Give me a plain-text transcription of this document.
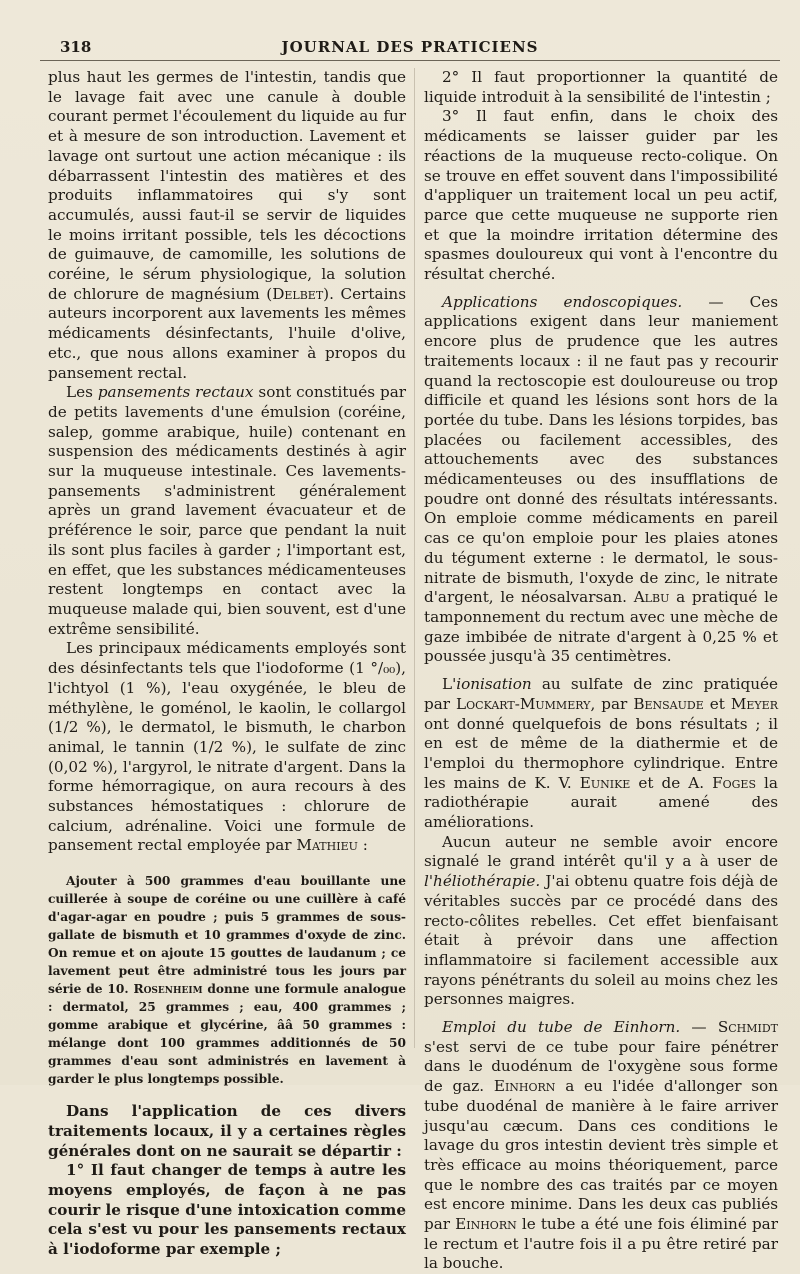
318	JOURNAL DES PRATICIENS

plus haut les germes de l'intestin, tandis que le lavage fait avec une canule à double courant permet l'écoulement du liquide au fur et à mesure de son introduction. Lavement et lavage ont surtout une action mécanique : ils débarrassent l'intestin des matières et des produits inflammatoires qui s'y sont accumulés, aussi faut-il se servir de liquides le moins irritant possible, tels les décoctions de guimauve, de camomille, les solutions de coréine, le sérum physiologique, la solution de chlorure de magnésium (Delbet). Certains auteurs incorporent aux lavements les mêmes médicaments désinfectants, l'huile d'olive, etc., que nous allons examiner à propos du pansement rectal.

Les pansements rectaux sont constitués par de petits lavements d'une émulsion (coréine, salep, gomme arabique, huile) contenant en suspension des médicaments destinés à agir sur la muqueuse intestinale. Ces lavements-pansements s'administrent généralement après un grand lavement évacuateur et de préférence le soir, parce que pendant la nuit ils sont plus faciles à garder ; l'important est, en effet, que les substances médicamenteuses restent longtemps en contact avec la muqueuse malade qui, bien souvent, est d'une extrême sensibilité.

Les principaux médicaments employés sont des désinfectants tels que l'iodoforme (1 °/₀₀), l'ichtyol (1 %), l'eau oxygénée, le bleu de méthylène, le goménol, le kaolin, le collargol (1/2 %), le dermatol, le bismuth, le charbon animal, le tannin (1/2 %), le sulfate de zinc (0,02 %), l'argyrol, le nitrate d'argent. Dans la forme hémorragique, on aura recours à des substances hémostatiques : chlorure de calcium, adrénaline. Voici une formule de pansement rectal employée par Mathieu :

Ajouter à 500 grammes d'eau bouillante une cuillerée à soupe de coréine ou une cuillère à café d'agar-agar en poudre ; puis 5 grammes de sous-gallate de bismuth et 10 grammes d'oxyde de zinc. On remue et on ajoute 15 gouttes de laudanum ; ce lavement peut être administré tous les jours par série de 10. Rosenheim donne une formule analogue : dermatol, 25 grammes ; eau, 400 grammes ; gomme arabique et glycérine, ââ 50 grammes : mélange dont 100 grammes additionnés de 50 grammes d'eau sont administrés en lavement à garder le plus longtemps possible.

Dans l'application de ces divers traitements locaux, il y a certaines règles générales dont on ne saurait se départir :

1° Il faut changer de temps à autre les moyens employés, de façon à ne pas courir le risque d'une intoxication comme cela s'est vu pour les pansements rectaux à l'iodoforme par exemple ;

2° Il faut proportionner la quantité de liquide introduit à la sensibilité de l'intestin ;

3° Il faut enfin, dans le choix des médicaments se laisser guider par les réactions de la muqueuse recto-colique. On se trouve en effet souvent dans l'impossibilité d'appliquer un traitement local un peu actif, parce que cette muqueuse ne supporte rien et que la moindre irritation détermine des spasmes douloureux qui vont à l'encontre du résultat cherché.

Applications endoscopiques. — Ces applications exigent dans leur maniement encore plus de prudence que les autres traitements locaux : il ne faut pas y recourir quand la rectoscopie est douloureuse ou trop difficile et quand les lésions sont hors de la portée du tube. Dans les lésions torpides, bas placées ou facilement accessibles, des attouchements avec des substances médicamenteuses ou des insufflations de poudre ont donné des résultats intéressants. On emploie comme médicaments en pareil cas ce qu'on emploie pour les plaies atones du tégument externe : le dermatol, le sous-nitrate de bismuth, l'oxyde de zinc, le nitrate d'argent, le néosalvarsan. Albu a pratiqué le tamponnement du rectum avec une mèche de gaze imbibée de nitrate d'argent à 0,25 % et poussée jusqu'à 35 centimètres.

L'ionisation au sulfate de zinc pratiquée par Lockart-Mummery, par Bensaude et Meyer ont donné quelquefois de bons résultats ; il en est de même de la diathermie et de l'emploi du thermophore cylindrique. Entre les mains de K. V. Eunike et de A. Foges la radiothérapie aurait amené des améliorations.

Aucun auteur ne semble avoir encore signalé le grand intérêt qu'il y a à user de l'héliothérapie. J'ai obtenu quatre fois déjà de véritables succès par ce procédé dans des recto-côlites rebelles. Cet effet bienfaisant était à prévoir dans une affection inflammatoire si facilement accessible aux rayons pénétrants du soleil au moins chez les personnes maigres.

Emploi du tube de Einhorn. — Schmidt s'est servi de ce tube pour faire pénétrer dans le duodénum de l'oxygène sous forme de gaz. Einhorn a eu l'idée d'allonger son tube duodénal de manière à le faire arriver jusqu'au cæcum. Dans ces conditions le lavage du gros intestin devient très simple et très efficace au moins théoriquement, parce que le nombre des cas traités par ce moyen est encore minime. Dans les deux cas publiés par Einhorn le tube a été une fois éliminé par le rectum et l'autre fois il a pu être retiré par la bouche.
